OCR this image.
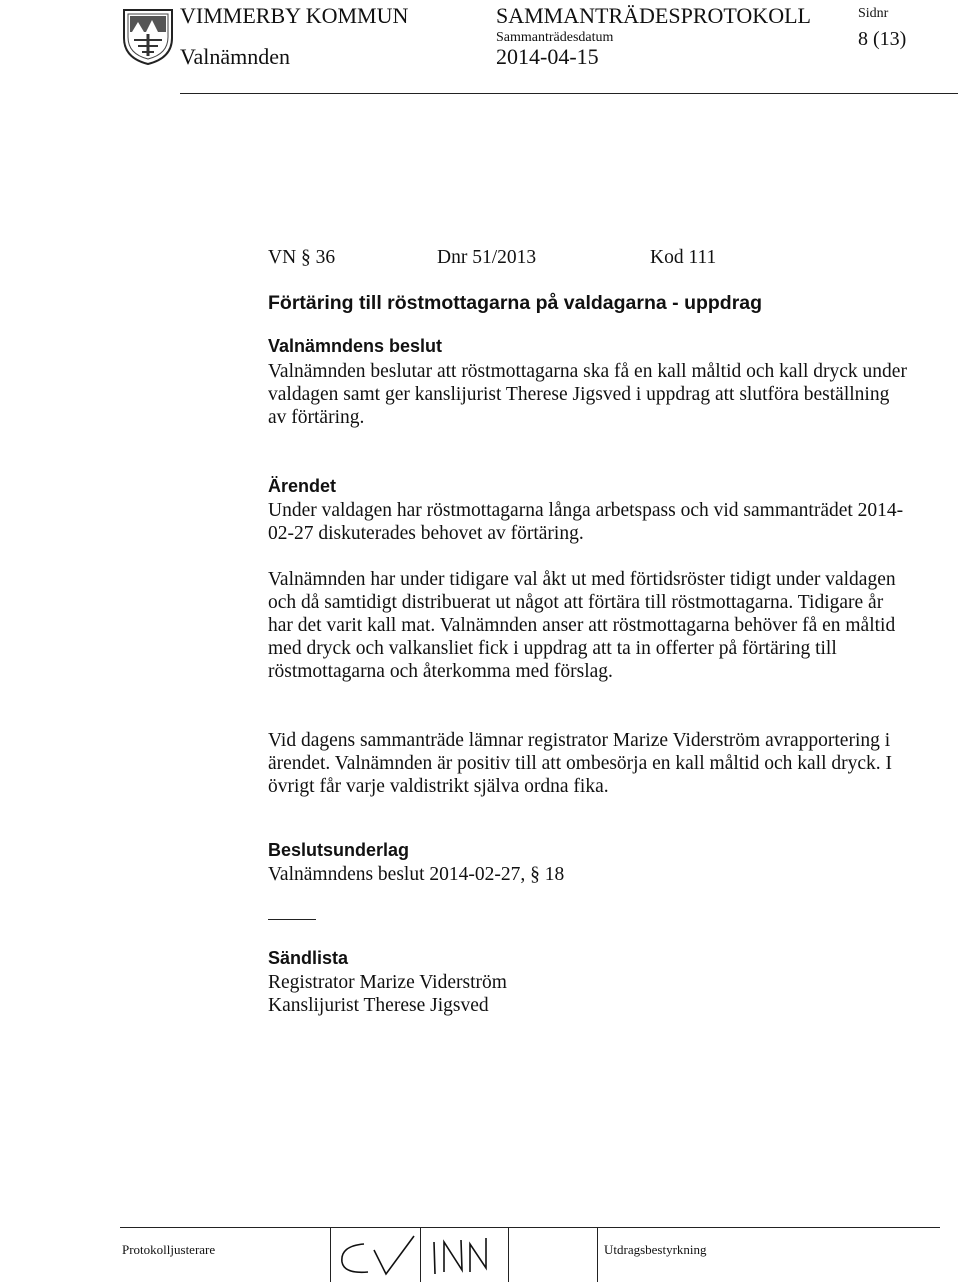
VIMMERBY KOMMUN
Valnämnden
SAMMANTRÄDESPROTOKOLL
Sammanträdesdatum
2014-04-15
Sidnr
8 (13)
VN § 36	Dnr 51/2013	Kod 111
Förtäring till röstmottagarna på valdagarna - uppdrag
Valnämndens beslut

Valnämnden beslutar att röstmottagarna ska få en kall måltid och kall dryck under valdagen samt ger kanslijurist Therese Jigsved i uppdrag att slutföra beställning av förtäring.

Ärendet
Under valdagen har röstmottagarna långa arbetspass och vid sammanträdet 2014-02-27 diskuterades behovet av förtäring.
Valnämnden har under tidigare val åkt ut med förtidsröster tidigt under valdagen och då samtidigt distribuerat ut något att förtära till röstmottagarna. Tidigare år har det varit kall mat. Valnämnden anser att röstmottagarna behöver få en måltid med dryck och valkansliet fick i uppdrag att ta in offerter på förtäring till röstmottagarna och återkomma med förslag.
Vid dagens sammanträde lämnar registrator Marize Viderström avrapportering i ärendet. Valnämnden är positiv till att ombesörja en kall måltid och kall dryck. I övrigt får varje valdistrikt själva ordna fika.
Beslutsunderlag
Valnämndens beslut 2014-02-27, § 18
Sändlista
Registrator Marize Viderström
Kanslijurist Therese Jigsved
Protokolljusterare	Utdragsbestyrkning
